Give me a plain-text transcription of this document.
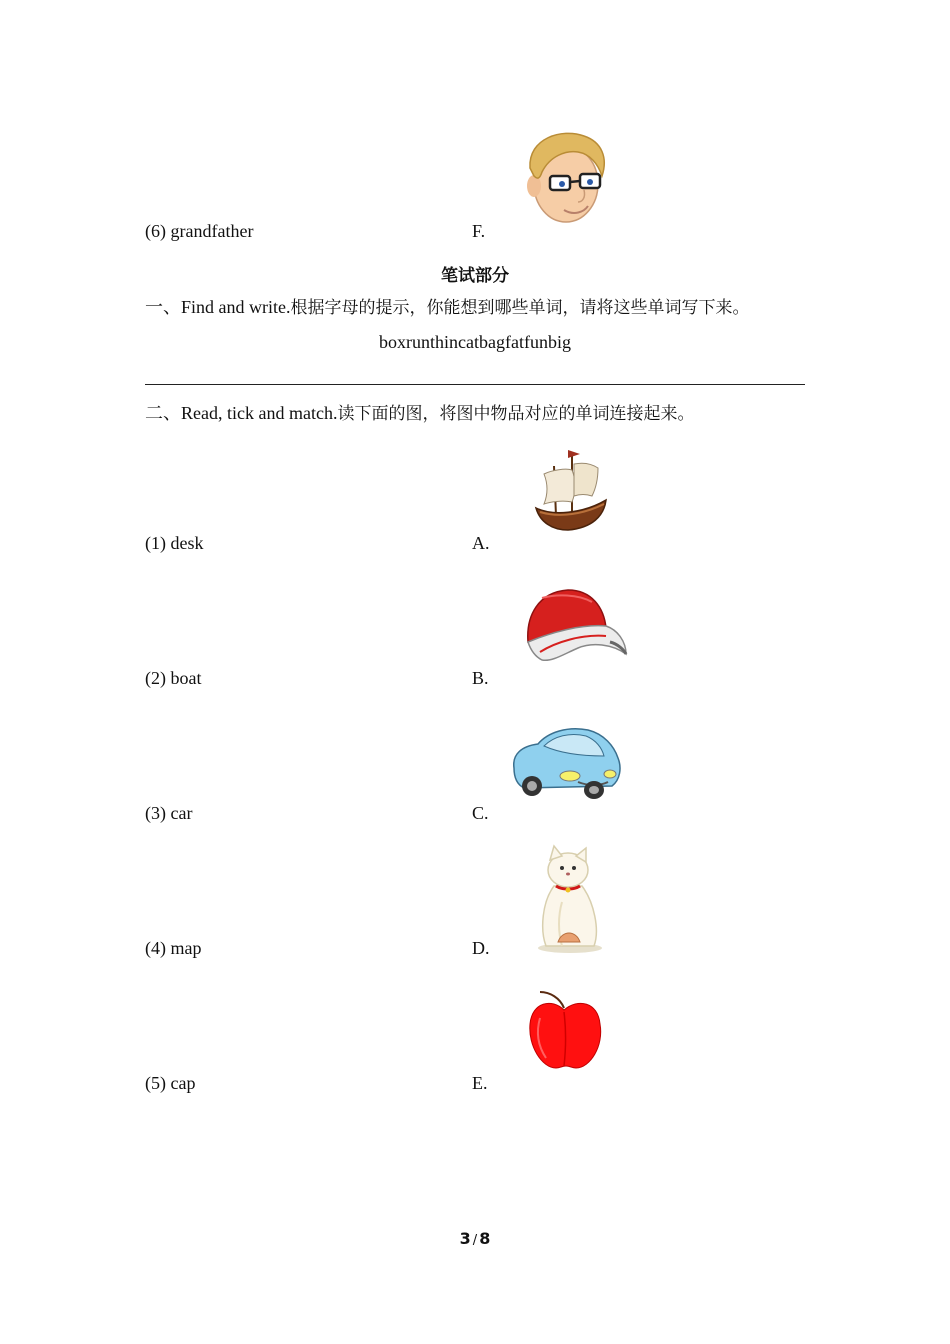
(6) grandfather	F.
笔试部分
一、Find and write.根据字母的提示，你能想到哪些单词，请将这些单词写下来。
boxrunthincatbagfatfunbig
二、Read, tick and match.读下面的图，将图中物品对应的单词连接起来。
(1) desk	A.
(2) boat	B.
(3) car	C.
(4) map	D.
(5) cap	E.
3 / 8
